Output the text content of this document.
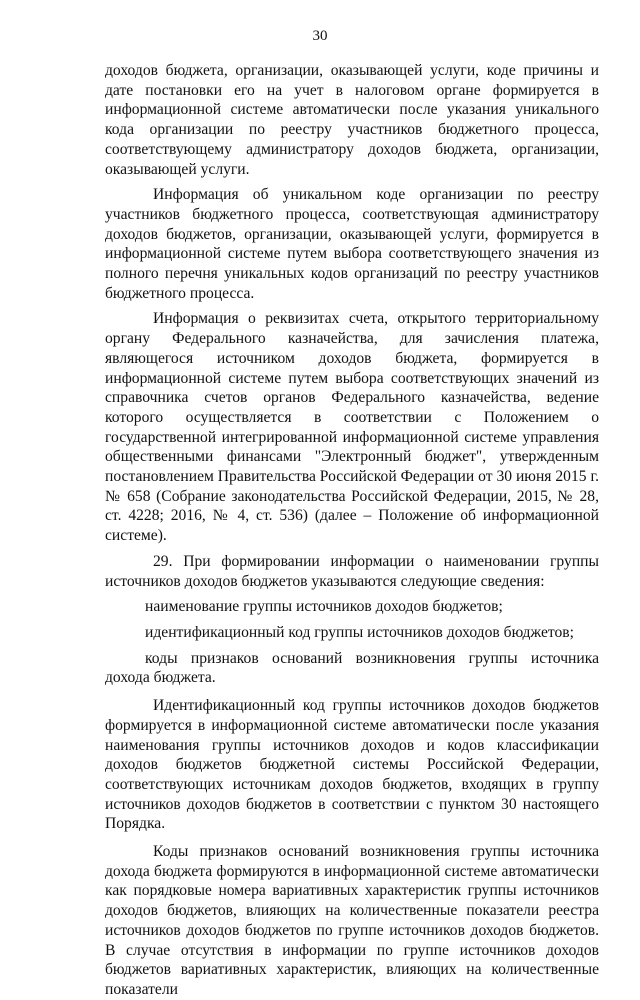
30

доходов бюджета, организации, оказывающей услуги, коде причины и дате постановки его на учет в налоговом органе формируется в информационной системе автоматически после указания уникального кода организации по реестру участников бюджетного процесса, соответствующему администратору доходов бюджета, организации, оказывающей услуги.

Информация об уникальном коде организации по реестру участников бюджетного процесса, соответствующая администратору доходов бюджетов, организации, оказывающей услуги, формируется в информационной системе путем выбора соответствующего значения из полного перечня уникальных кодов организаций по реестру участников бюджетного процесса.

Информация о реквизитах счета, открытого территориальному органу Федерального казначейства, для зачисления платежа, являющегося источником доходов бюджета, формируется в информационной системе путем выбора соответствующих значений из справочника счетов органов Федерального казначейства, ведение которого осуществляется в соответствии с Положением о государственной интегрированной информационной системе управления общественными финансами "Электронный бюджет", утвержденным постановлением Правительства Российской Федерации от 30 июня 2015 г. № 658 (Собрание законодательства Российской Федерации, 2015, № 28, ст. 4228; 2016, № 4, ст. 536) (далее – Положение об информационной системе).

29. При формировании информации о наименовании группы источников доходов бюджетов указываются следующие сведения:

наименование группы источников доходов бюджетов;

идентификационный код группы источников доходов бюджетов;

коды признаков оснований возникновения группы источника дохода бюджета.

Идентификационный код группы источников доходов бюджетов формируется в информационной системе автоматически после указания наименования группы источников доходов и кодов классификации доходов бюджетов бюджетной системы Российской Федерации, соответствующих источникам доходов бюджетов, входящих в группу источников доходов бюджетов в соответствии с пунктом 30 настоящего Порядка.

Коды признаков оснований возникновения группы источника дохода бюджета формируются в информационной системе автоматически как порядковые номера вариативных характеристик группы источников доходов бюджетов, влияющих на количественные показатели реестра источников доходов бюджетов по группе источников доходов бюджетов. В случае отсутствия в информации по группе источников доходов бюджетов вариативных характеристик, влияющих на количественные показатели
